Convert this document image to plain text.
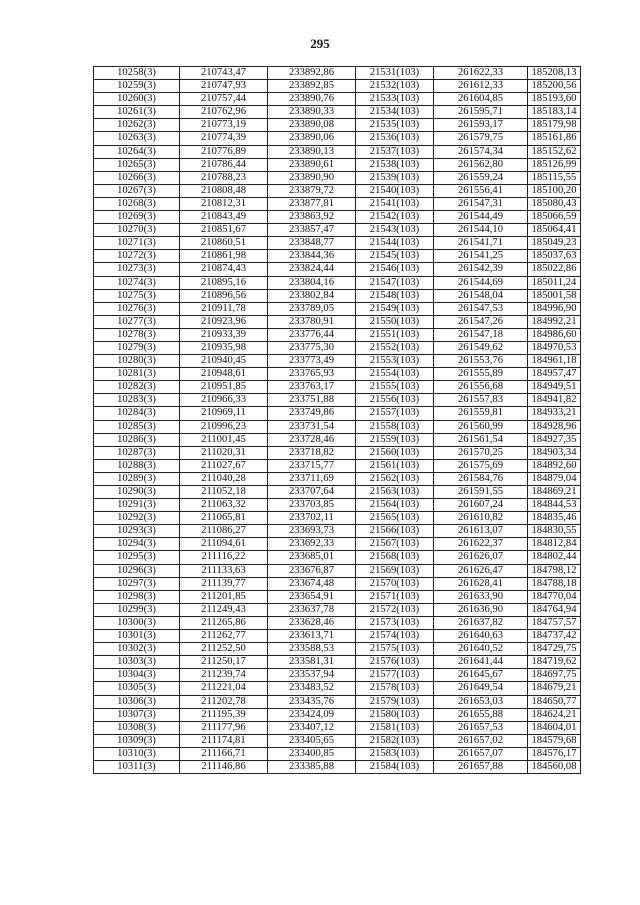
295
10258(3)	210743,47	233892,86	21531(103)	261622,33	185208,13
10259(3)	210747,93	233892,85	21532(103)	261612,33	185200,56
10260(3)	210757,44	233890,76	21533(103)	261604,85	185193,60
10261(3)	210762,96	233890,33	21534(103)	261595,71	185183,14
10262(3)	210773,19	233890,08	21535(103)	261593,17	185179,98
10263(3)	210774,39	233890,06	21536(103)	261579,75	185161,86
10264(3)	210776,89	233890,13	21537(103)	261574,34	185152,62
10265(3)	210786,44	233890,61	21538(103)	261562,80	185126,99
10266(3)	210788,23	233890,90	21539(103)	261559,24	185115,55
10267(3)	210808,48	233879,72	21540(103)	261556,41	185100,20
10268(3)	210812,31	233877,81	21541(103)	261547,31	185080,43
10269(3)	210843,49	233863,92	21542(103)	261544,49	185066,59
10270(3)	210851,67	233857,47	21543(103)	261544,10	185064,41
10271(3)	210860,51	233848,77	21544(103)	261541,71	185049,23
10272(3)	210861,98	233844,36	21545(103)	261541,25	185037,63
10273(3)	210874,43	233824,44	21546(103)	261542,39	185022,86
10274(3)	210895,16	233804,16	21547(103)	261544,69	185011,24
10275(3)	210896,56	233802,84	21548(103)	261548,04	185001,58
10276(3)	210911,78	233789,05	21549(103)	261547,53	184996,90
10277(3)	210923,96	233780,91	21550(103)	261547,26	184992,21
10278(3)	210933,39	233776,44	21551(103)	261547,18	184986,60
10279(3)	210935,98	233775,30	21552(103)	261549,62	184970,53
10280(3)	210940,45	233773,49	21553(103)	261553,76	184961,18
10281(3)	210948,61	233765,93	21554(103)	261555,89	184957,47
10282(3)	210951,85	233763,17	21555(103)	261556,68	184949,51
10283(3)	210966,33	233751,88	21556(103)	261557,83	184941,82
10284(3)	210969,11	233749,86	21557(103)	261559,81	184933,21
10285(3)	210996,23	233731,54	21558(103)	261560,99	184928,96
10286(3)	211001,45	233728,46	21559(103)	261561,54	184927,35
10287(3)	211020,31	233718,82	21560(103)	261570,25	184903,34
10288(3)	211027,67	233715,77	21561(103)	261575,69	184892,60
10289(3)	211040,28	233711,69	21562(103)	261584,76	184879,04
10290(3)	211052,18	233707,64	21563(103)	261591,55	184869,21
10291(3)	211063,32	233703,85	21564(103)	261607,24	184844,53
10292(3)	211065,81	233702,11	21565(103)	261610,82	184835,46
10293(3)	211086,27	233693,73	21566(103)	261613,07	184830,55
10294(3)	211094,61	233692,33	21567(103)	261622,37	184812,84
10295(3)	211116,22	233685,01	21568(103)	261626,07	184802,44
10296(3)	211133,63	233676,87	21569(103)	261626,47	184798,12
10297(3)	211139,77	233674,48	21570(103)	261628,41	184788,18
10298(3)	211201,85	233654,91	21571(103)	261633,90	184770,04
10299(3)	211249,43	233637,78	21572(103)	261636,90	184764,94
10300(3)	211265,86	233628,46	21573(103)	261637,82	184757,57
10301(3)	211262,77	233613,71	21574(103)	261640,63	184737,42
10302(3)	211252,50	233588,53	21575(103)	261640,52	184729,75
10303(3)	211250,17	233581,31	21576(103)	261641,44	184719,62
10304(3)	211239,74	233537,94	21577(103)	261645,67	184697,75
10305(3)	211221,04	233483,52	21578(103)	261649,54	184679,21
10306(3)	211202,78	233435,76	21579(103)	261653,03	184650,77
10307(3)	211195,39	233424,09	21580(103)	261655,88	184624,21
10308(3)	211177,96	233407,12	21581(103)	261657,53	184604,01
10309(3)	211174,81	233405,65	21582(103)	261657,02	184579,68
10310(3)	211166,71	233400,85	21583(103)	261657,07	184576,17
10311(3)	211146,86	233385,88	21584(103)	261657,88	184560,08
